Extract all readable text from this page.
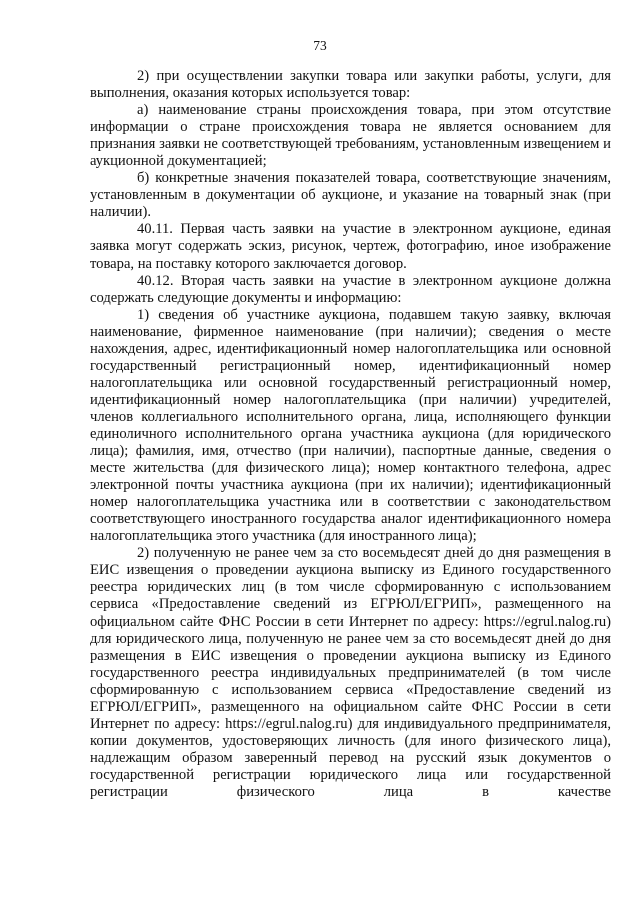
73

2) при осуществлении закупки товара или закупки работы, услуги, для выполнения, оказания которых используется товар:

а) наименование страны происхождения товара, при этом отсутствие информации о стране происхождения товара не является основанием для признания заявки не соответствующей требованиям, установленным извещением и аукционной документацией;

б) конкретные значения показателей товара, соответствующие значениям, установленным в документации об аукционе, и указание на товарный знак (при наличии).

40.11. Первая часть заявки на участие в электронном аукционе, единая заявка могут содержать эскиз, рисунок, чертеж, фотографию, иное изображение товара, на поставку которого заключается договор.

40.12. Вторая часть заявки на участие в электронном аукционе должна содержать следующие документы и информацию:

1) сведения об участнике аукциона, подавшем такую заявку, включая наименование, фирменное наименование (при наличии); сведения о месте нахождения, адрес, идентификационный номер налогоплательщика или основной государственный регистрационный номер, идентификационный номер налогоплательщика или основной государственный регистрационный номер, идентификационный номер налогоплательщика (при наличии) учредителей, членов коллегиального исполнительного органа, лица, исполняющего функции единоличного исполнительного органа участника аукциона (для юридического лица); фамилия, имя, отчество (при наличии), паспортные данные, сведения о месте жительства (для физического лица); номер контактного телефона, адрес электронной почты участника аукциона (при их наличии); идентификационный номер налогоплательщика участника или в соответствии с законодательством соответствующего иностранного государства аналог идентификационного номера налогоплательщика этого участника (для иностранного лица);

2) полученную не ранее чем за сто восемьдесят дней до дня размещения в ЕИС извещения о проведении аукциона выписку из Единого государственного реестра юридических лиц (в том числе сформированную с использованием сервиса «Предоставление сведений из ЕГРЮЛ/ЕГРИП», размещенного на официальном сайте ФНС России в сети Интернет по адресу: https://egrul.nalog.ru) для юридического лица, полученную не ранее чем за сто восемьдесят дней до дня размещения в ЕИС извещения о проведении аукциона выписку из Единого государственного реестра индивидуальных предпринимателей (в том числе сформированную с использованием сервиса «Предоставление сведений из ЕГРЮЛ/ЕГРИП», размещенного на официальном сайте ФНС России в сети Интернет по адресу: https://egrul.nalog.ru) для индивидуального предпринимателя, копии документов, удостоверяющих личность (для иного физического лица), надлежащим образом заверенный перевод на русский язык документов о государственной регистрации юридического лица или государственной регистрации физического лица в качестве
